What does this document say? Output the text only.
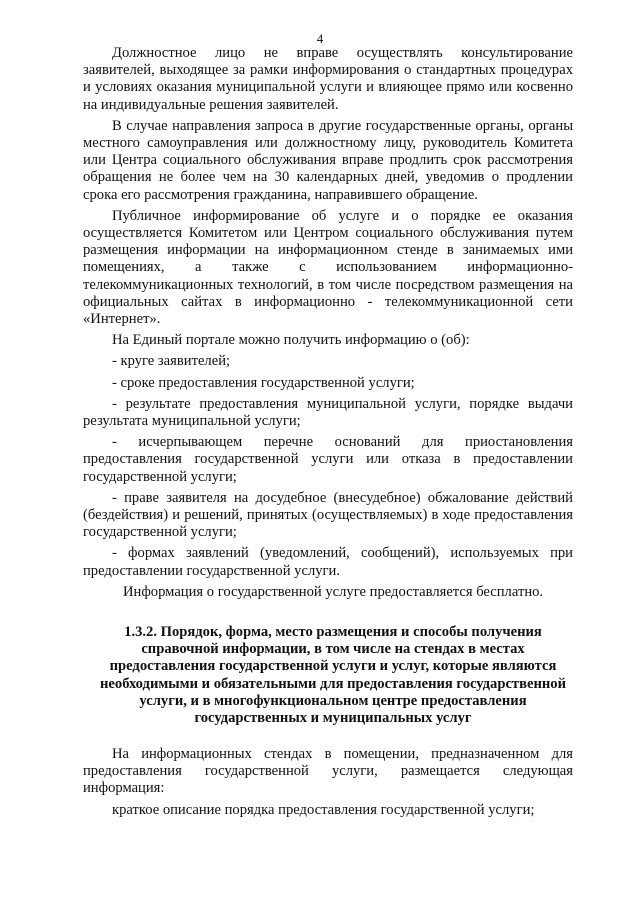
4

Должностное лицо не вправе осуществлять консультирование заявителей, выходящее за рамки информирования о стандартных процедурах и условиях оказания муниципальной услуги и влияющее прямо или косвенно на индивидуальные решения заявителей.

В случае направления запроса в другие государственные органы, органы местного самоуправления или должностному лицу, руководитель Комитета или Центра социального обслуживания вправе продлить срок рассмотрения обращения не более чем на 30 календарных дней, уведомив о продлении срока его рассмотрения гражданина, направившего обращение.

Публичное информирование об услуге и о порядке ее оказания осуществляется Комитетом или Центром социального обслуживания путем размещения информации на информационном стенде в занимаемых ими помещениях, а также с использованием информационно-телекоммуникационных технологий, в том числе посредством размещения на официальных сайтах в информационно - телекоммуникационной сети «Интернет».

На Единый портале можно получить информацию о (об):

- круге заявителей;

- сроке предоставления государственной услуги;

- результате предоставления муниципальной услуги, порядке выдачи результата муниципальной услуги;

- исчерпывающем перечне оснований для приостановления предоставления государственной услуги или отказа в предоставлении государственной услуги;

- праве заявителя на досудебное (внесудебное) обжалование действий (бездействия) и решений, принятых (осуществляемых) в ходе предоставления государственной услуги;

- формах заявлений (уведомлений, сообщений), используемых при предоставлении государственной услуги.

Информация о государственной услуге предоставляется бесплатно.

1.3.2. Порядок, форма, место размещения и способы получения справочной информации, в том числе на стендах в местах предоставления государственной услуги и услуг, которые являются необходимыми и обязательными для предоставления государственной услуги, и в многофункциональном центре предоставления государственных и муниципальных услуг

На информационных стендах в помещении, предназначенном для предоставления государственной услуги, размещается следующая информация:

краткое описание порядка предоставления государственной услуги;
